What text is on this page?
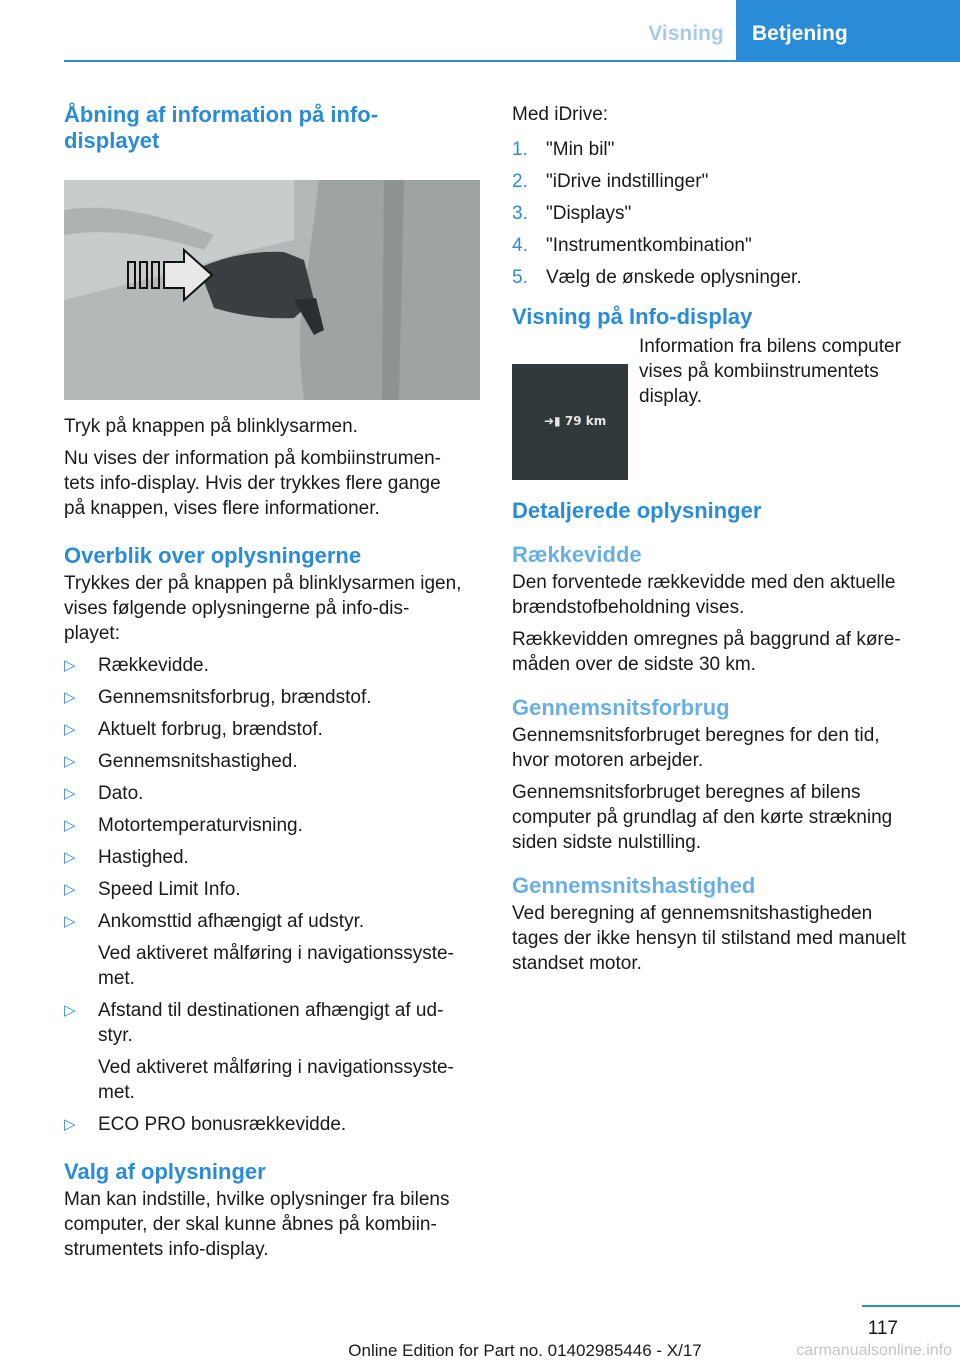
Visning	Betjening
Åbning af information på info-
displayet

Tryk på knappen på blinklysarmen.

Nu vises der information på kombiinstrumen-
tets info-display. Hvis der trykkes flere gange
på knappen, vises flere informationer.

Overblik over oplysningerne

Trykkes der på knappen på blinklysarmen igen,
vises følgende oplysningerne på info-dis-
playet:

▷ Rækkevidde.
▷ Gennemsnitsforbrug, brændstof.
▷ Aktuelt forbrug, brændstof.
▷ Gennemsnitshastighed.
▷ Dato.
▷ Motortemperaturvisning.
▷ Hastighed.
▷ Speed Limit Info.
▷ Ankomsttid afhængigt af udstyr.
Ved aktiveret målføring i navigationssyste-
met.
▷ Afstand til destinationen afhængigt af ud-
styr.
Ved aktiveret målføring i navigationssyste-
met.
▷ ECO PRO bonusrækkevidde.
Valg af oplysninger

Man kan indstille, hvilke oplysninger fra bilens
computer, der skal kunne åbnes på kombiin-
strumentets info-display.

Med iDrive:

1. "Min bil"
2. "iDrive indstillinger"
3. "Displays"
4. "Instrumentkombination"
5. Vælg de ønskede oplysninger.
Visning på Info-display
➜▮ 79 km
Information fra bilens computer
vises på kombiinstrumentets
display.
Detaljerede oplysninger
Rækkevidde

Den forventede rækkevidde med den aktuelle
brændstofbeholdning vises.

Rækkevidden omregnes på baggrund af køre-
måden over de sidste 30 km.

Gennemsnitsforbrug

Gennemsnitsforbruget beregnes for den tid,
hvor motoren arbejder.

Gennemsnitsforbruget beregnes af bilens
computer på grundlag af den kørte strækning
siden sidste nulstilling.

Gennemsnitshastighed

Ved beregning af gennemsnitshastigheden
tages der ikke hensyn til stilstand med manuelt
standset motor.

117
Online Edition for Part no. 01402985446 - X/17	carmanualsonline.info
